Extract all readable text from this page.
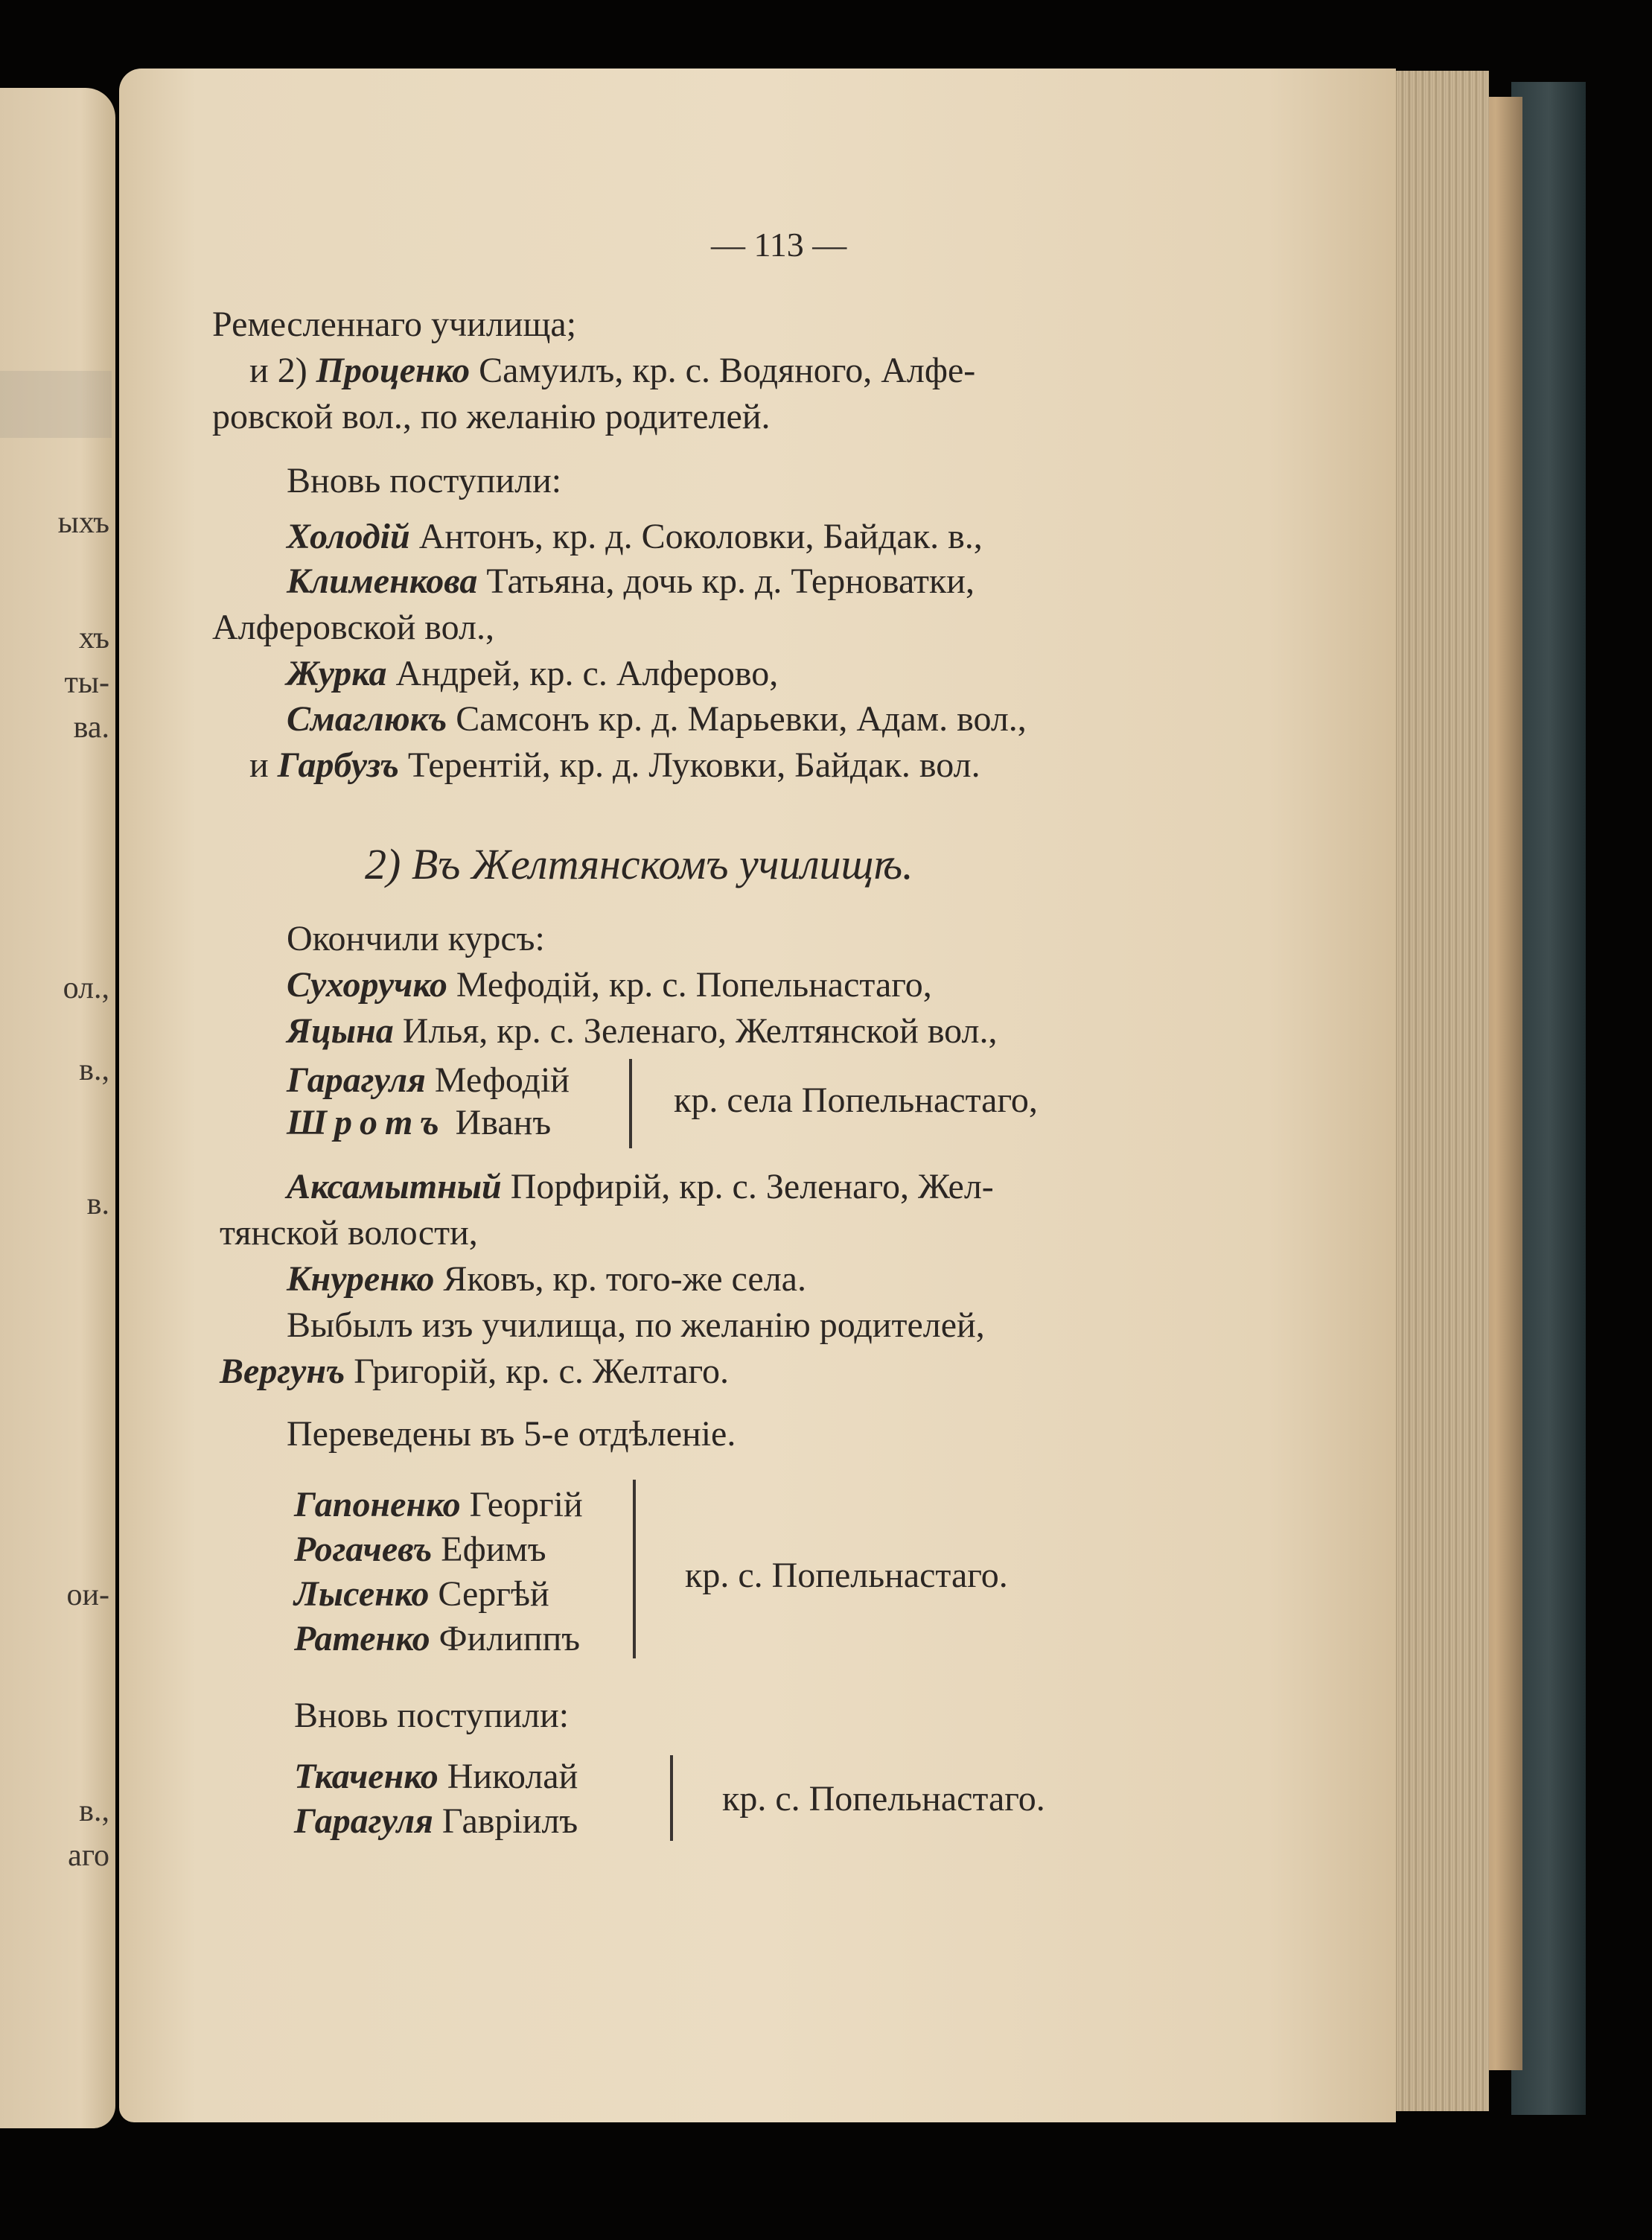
ыхъ
хъ
ты-
ва.
ол.,
в.,
в.
ои-
в.,
аго
— 113 —
Ремесленнаго училища;
и 2) Проценко Самуилъ, кр. с. Водяного, Алфе-
ровской вол., по желанію родителей.
Вновь поступили:
Холодій Антонъ, кр. д. Соколовки, Байдак. в.,
Клименкова Татьяна, дочь кр. д. Терноватки,
Алферовской вол.,
Журка Андрей, кр. с. Алферово,
Смаглюкъ Самсонъ кр. д. Марьевки, Адам. вол.,
и Гарбузъ Терентій, кр. д. Луковки, Байдак. вол.
2) Въ Желтянскомъ училищѣ.
Окончили курсъ:
Сухоручко Мефодій, кр. с. Попельнастаго,
Яцына Илья, кр. с. Зеленаго, Желтянской вол.,
Гарагуля Мефодій
Шротъ Иванъ
кр. села Попельнастаго,
Аксамытный Порфирій, кр. с. Зеленаго, Жел-
тянской волости,
Кнуренко Яковъ, кр. того-же села.
Выбылъ изъ училища, по желанію родителей,
Вергунъ Григорій, кр. с. Желтаго.
Переведены въ 5-е отдѣленіе.
Гапоненко Георгій
Рогачевъ Ефимъ
Лысенко Сергѣй
Ратенко Филиппъ
кр. с. Попельнастаго.
Вновь поступили:
Ткаченко Николай
Гарагуля Гаврiилъ
кр. с. Попельнастаго.
